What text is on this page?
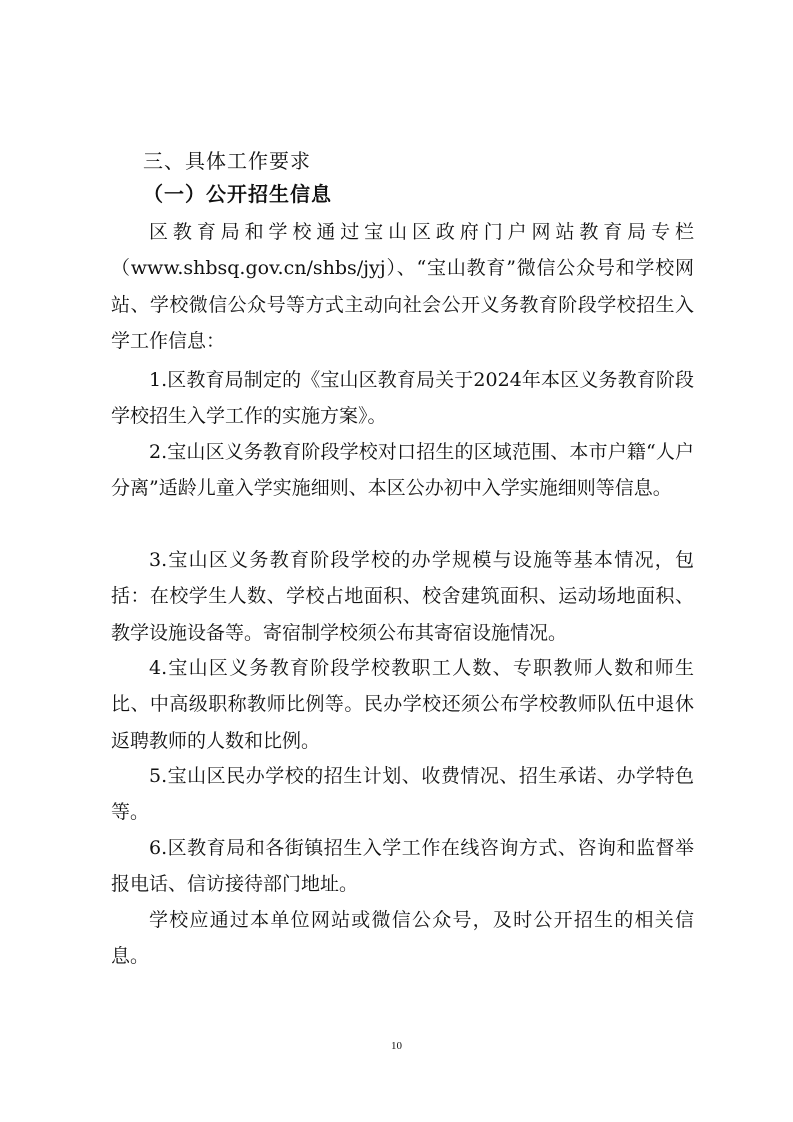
三、具体工作要求
（一）公开招生信息

区教育局和学校通过宝山区政府门户网站教育局专栏（www.shbsq.gov.cn/shbs/jyj）、“宝山教育”微信公众号和学校网站、学校微信公众号等方式主动向社会公开义务教育阶段学校招生入学工作信息：

1.区教育局制定的《宝山区教育局关于2024年本区义务教育阶段学校招生入学工作的实施方案》。

2.宝山区义务教育阶段学校对口招生的区域范围、本市户籍“人户分离”适龄儿童入学实施细则、本区公办初中入学实施细则等信息。

3.宝山区义务教育阶段学校的办学规模与设施等基本情况，包括：在校学生人数、学校占地面积、校舍建筑面积、运动场地面积、教学设施设备等。寄宿制学校须公布其寄宿设施情况。

4.宝山区义务教育阶段学校教职工人数、专职教师人数和师生比、中高级职称教师比例等。民办学校还须公布学校教师队伍中退休返聘教师的人数和比例。

5.宝山区民办学校的招生计划、收费情况、招生承诺、办学特色等。

6.区教育局和各街镇招生入学工作在线咨询方式、咨询和监督举报电话、信访接待部门地址。

学校应通过本单位网站或微信公众号，及时公开招生的相关信息。

10
